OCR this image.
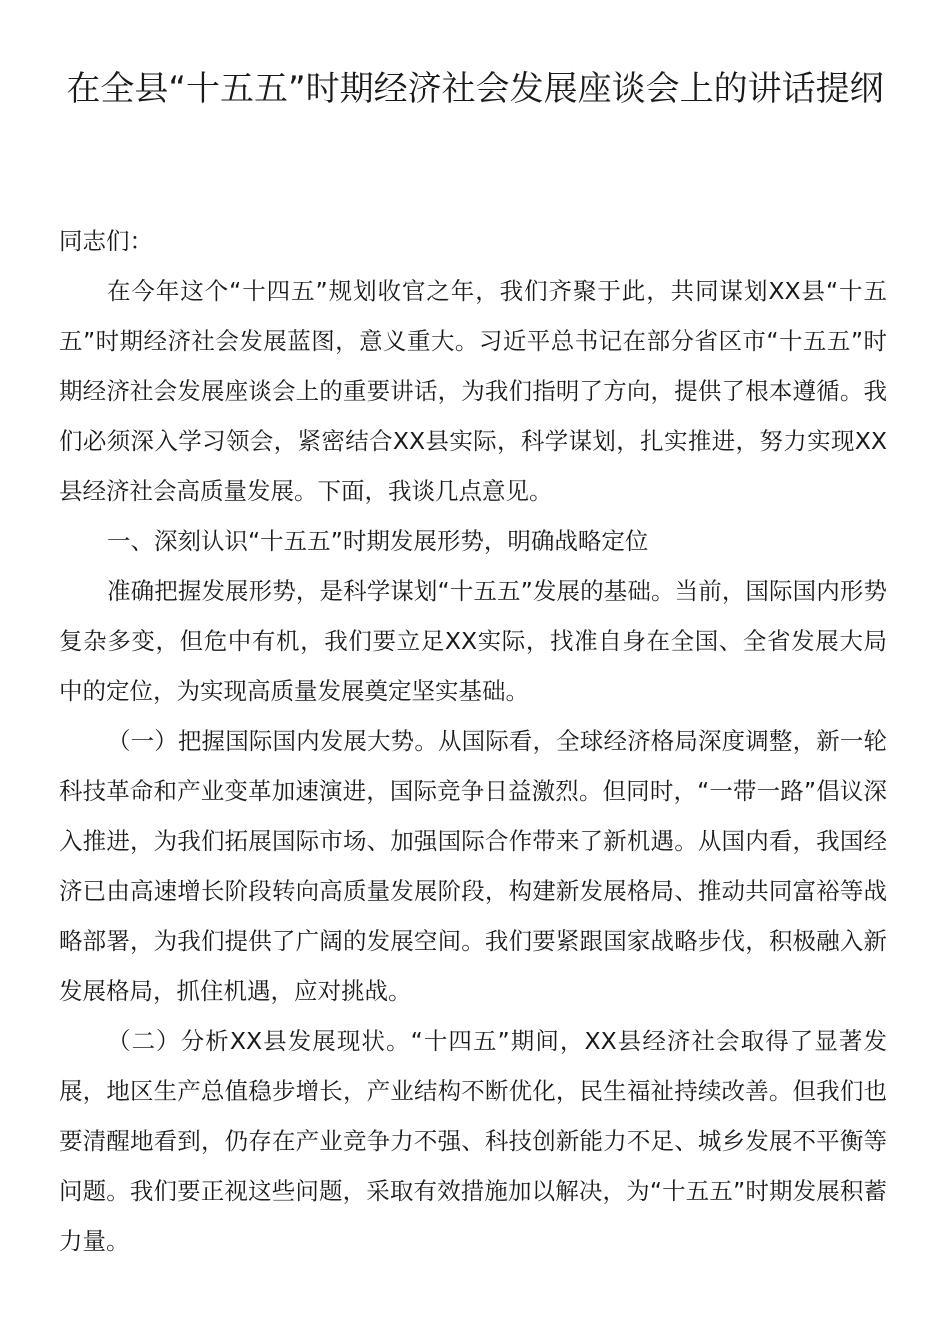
在全县“十五五”时期经济社会发展座谈会上的讲话提纲

同志们：

在今年这个“十四五”规划收官之年，我们齐聚于此，共同谋划XX县“十五五”时期经济社会发展蓝图，意义重大。习近平总书记在部分省区市“十五五”时期经济社会发展座谈会上的重要讲话，为我们指明了方向，提供了根本遵循。我们必须深入学习领会，紧密结合XX县实际，科学谋划，扎实推进，努力实现XX县经济社会高质量发展。下面，我谈几点意见。

一、深刻认识“十五五”时期发展形势，明确战略定位

准确把握发展形势，是科学谋划“十五五”发展的基础。当前，国际国内形势复杂多变，但危中有机，我们要立足XX实际，找准自身在全国、全省发展大局中的定位，为实现高质量发展奠定坚实基础。

（一）把握国际国内发展大势。从国际看，全球经济格局深度调整，新一轮科技革命和产业变革加速演进，国际竞争日益激烈。但同时，“一带一路”倡议深入推进，为我们拓展国际市场、加强国际合作带来了新机遇。从国内看，我国经济已由高速增长阶段转向高质量发展阶段，构建新发展格局、推动共同富裕等战略部署，为我们提供了广阔的发展空间。我们要紧跟国家战略步伐，积极融入新发展格局，抓住机遇，应对挑战。

（二）分析XX县发展现状。“十四五”期间，XX县经济社会取得了显著发展，地区生产总值稳步增长，产业结构不断优化，民生福祉持续改善。但我们也要清醒地看到，仍存在产业竞争力不强、科技创新能力不足、城乡发展不平衡等问题。我们要正视这些问题，采取有效措施加以解决，为“十五五”时期发展积蓄力量。
